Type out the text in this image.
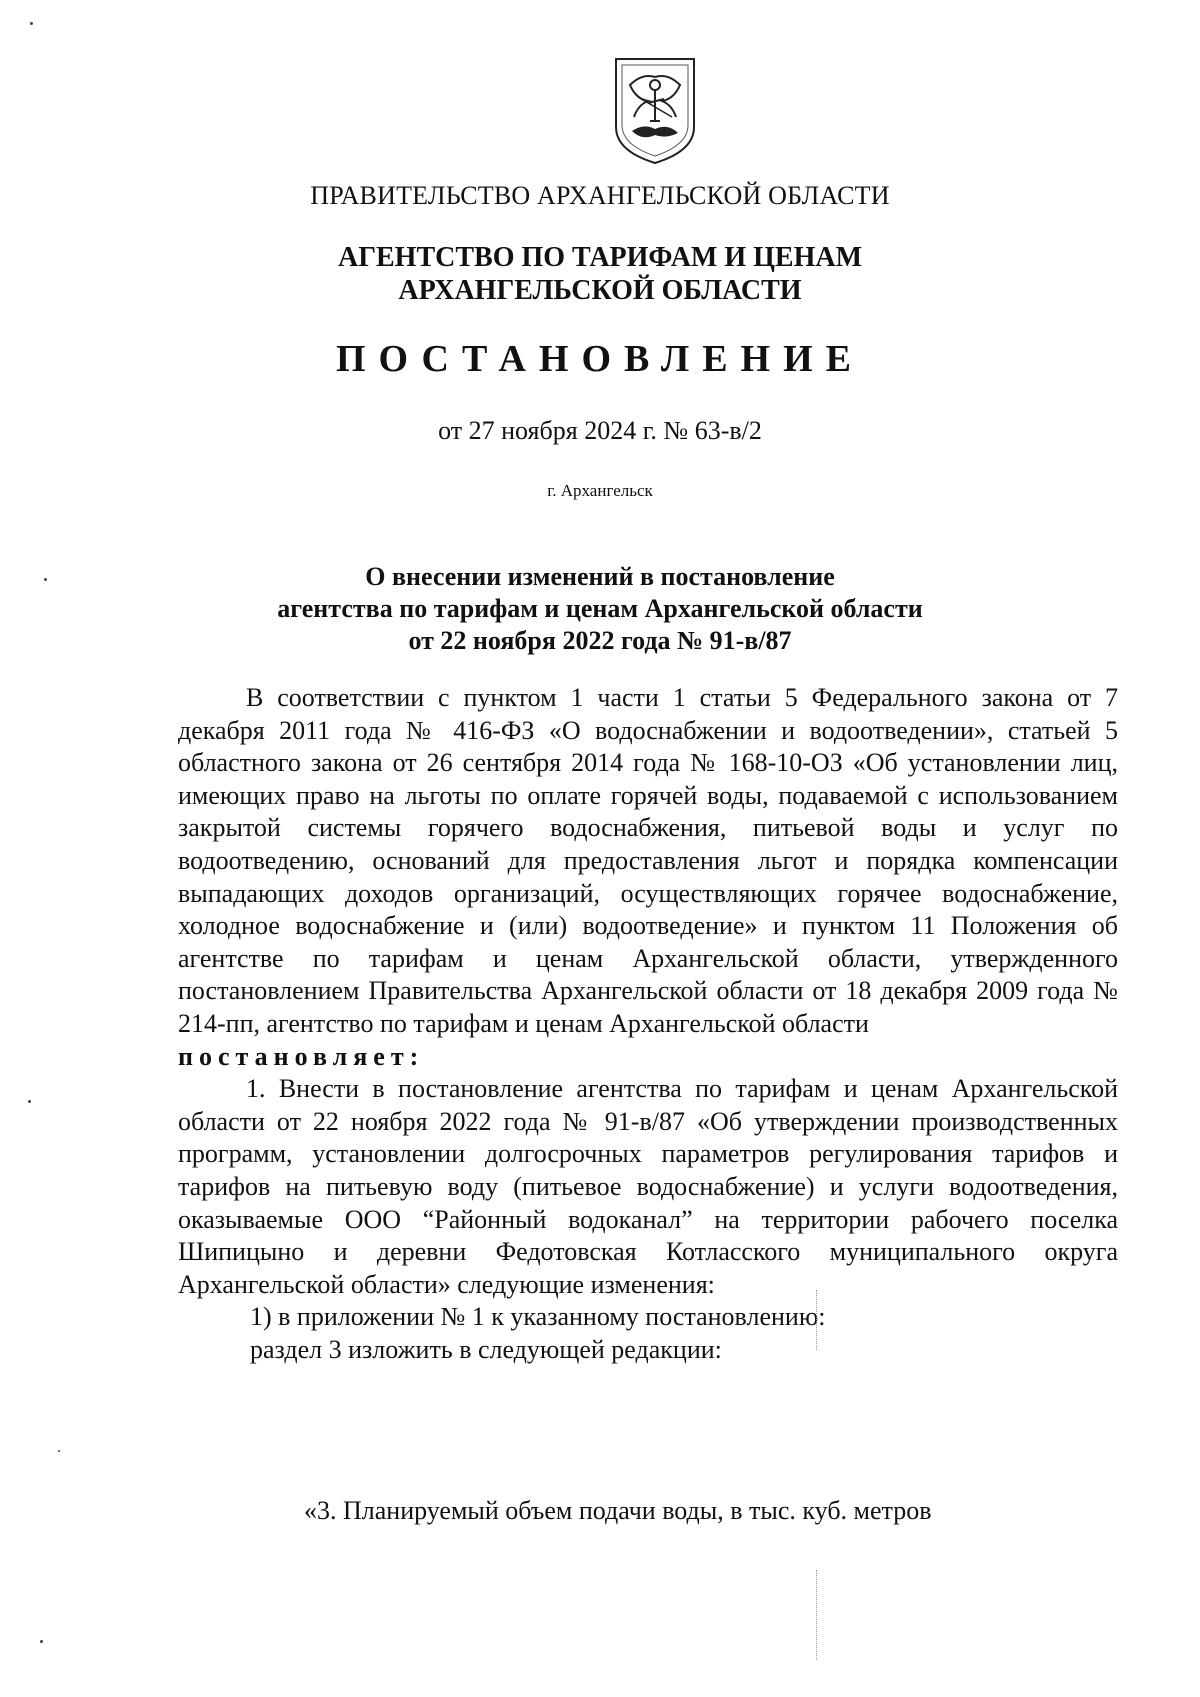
ПРАВИТЕЛЬСТВО АРХАНГЕЛЬСКОЙ ОБЛАСТИ
АГЕНТСТВО ПО ТАРИФАМ И ЦЕНАМ
АРХАНГЕЛЬСКОЙ ОБЛАСТИ
ПОСТАНОВЛЕНИЕ
от 27 ноября 2024 г. № 63-в/2
г. Архангельск
О внесении изменений в постановление
агентства по тарифам и ценам Архангельской области
от 22 ноября 2022 года № 91-в/87

В соответствии с пунктом 1 части 1 статьи 5 Федерального закона от 7 декабря 2011 года № 416-ФЗ «О водоснабжении и водоотведении», статьей 5 областного закона от 26 сентября 2014 года № 168-10-ОЗ «Об установлении лиц, имеющих право на льготы по оплате горячей воды, подаваемой с использованием закрытой системы горячего водоснабжения, питьевой воды и услуг по водоотведению, оснований для предоставления льгот и порядка компенсации выпадающих доходов организаций, осуществляющих горячее водоснабжение, холодное водоснабжение и (или) водоотведение» и пунктом 11 Положения об агентстве по тарифам и ценам Архангельской области, утвержденного постановлением Правительства Архангельской области от 18 декабря 2009 года № 214-пп, агентство по тарифам и ценам Архангельской области

постановляет:

1. Внести в постановление агентства по тарифам и ценам Архангельской области от 22 ноября 2022 года № 91-в/87 «Об утверждении производственных программ, установлении долгосрочных параметров регулирования тарифов и тарифов на питьевую воду (питьевое водоснабжение) и услуги водоотведения, оказываемые ООО “Районный водоканал” на территории рабочего поселка Шипицыно и деревни Федотовская Котласского муниципального округа Архангельской области» следующие изменения:

1) в приложении № 1 к указанному постановлению:

раздел 3 изложить в следующей редакции:

«3. Планируемый объем подачи воды, в тыс. куб. метров
